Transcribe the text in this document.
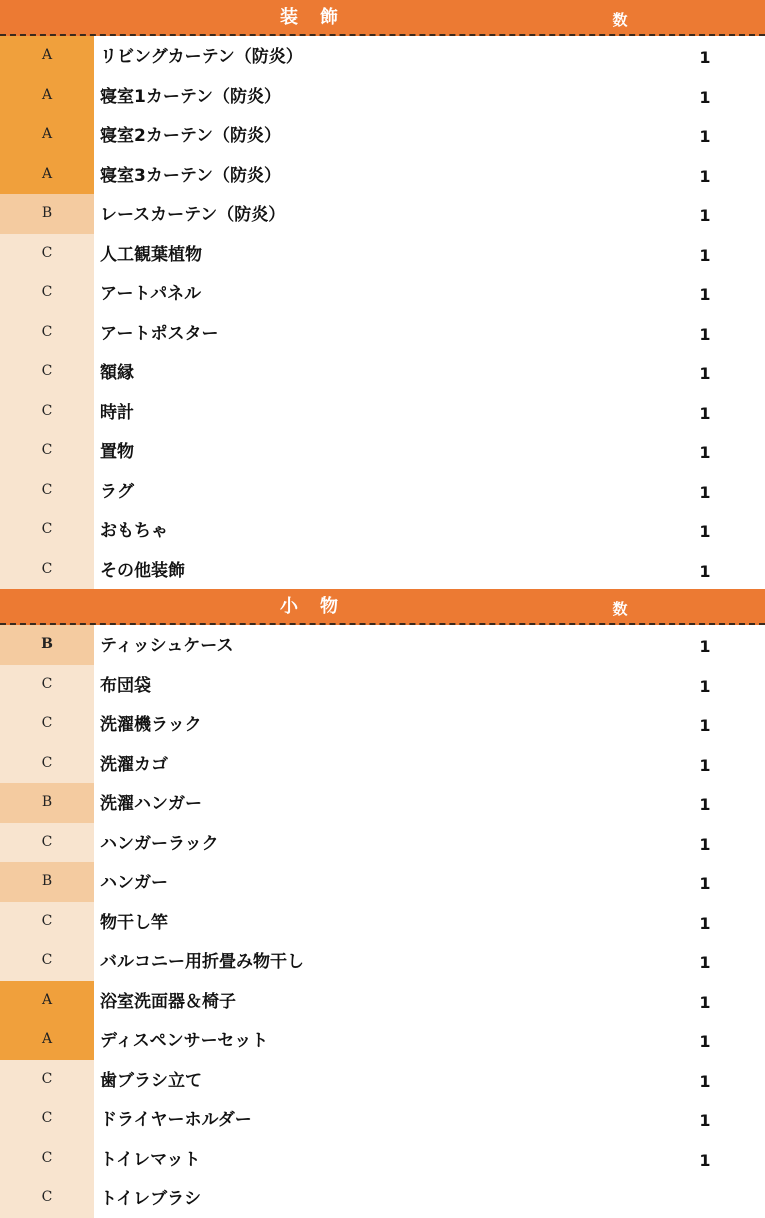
装　飾	数
A	リビングカーテン（防炎）	1
A	寝室1カーテン（防炎）	1
A	寝室2カーテン（防炎）	1
A	寝室3カーテン（防炎）	1
B	レースカーテン（防炎）	1
C	人工観葉植物	1
C	アートパネル	1
C	アートポスター	1
C	額縁	1
C	時計	1
C	置物	1
C	ラグ	1
C	おもちゃ	1
C	その他装飾	1
小　物	数
B	ティッシュケース	1
C	布団袋	1
C	洗濯機ラック	1
C	洗濯カゴ	1
B	洗濯ハンガー	1
C	ハンガーラック	1
B	ハンガー	1
C	物干し竿	1
C	バルコニー用折畳み物干し	1
A	浴室洗面器＆椅子	1
A	ディスペンサーセット	1
C	歯ブラシ立て	1
C	ドライヤーホルダー	1
C	トイレマット	1
C	トイレブラシ
